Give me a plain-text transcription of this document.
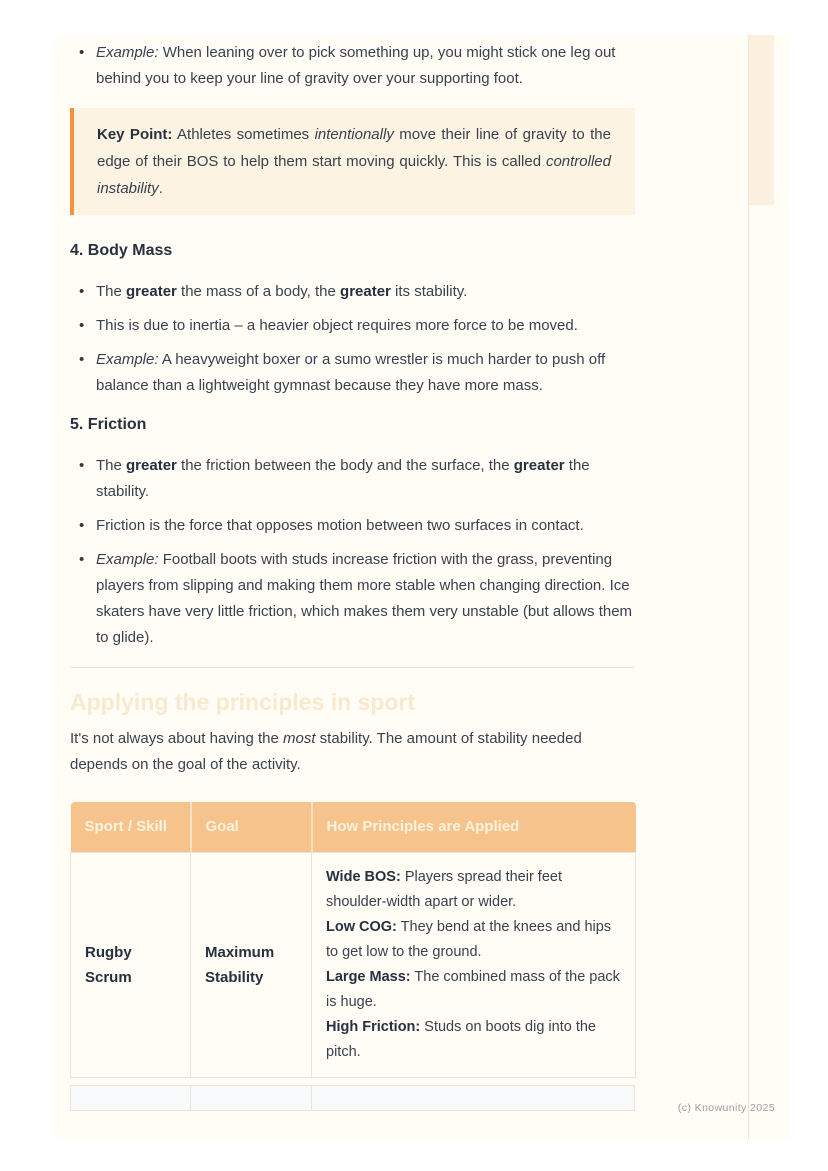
• Example: When leaning over to pick something up, you might stick one leg out behind you to keep your line of gravity over your supporting foot.

Key Point: Athletes sometimes intentionally move their line of gravity to the edge of their BOS to help them start moving quickly. This is called controlled instability.

4. Body Mass
• The greater the mass of a body, the greater its stability.
• This is due to inertia – a heavier object requires more force to be moved.
• Example: A heavyweight boxer or a sumo wrestler is much harder to push off balance than a lightweight gymnast because they have more mass.
5. Friction
• The greater the friction between the body and the surface, the greater the stability.
• Friction is the force that opposes motion between two surfaces in contact.
• Example: Football boots with studs increase friction with the grass, preventing players from slipping and making them more stable when changing direction. Ice skaters have very little friction, which makes them very unstable (but allows them to glide).
Applying the principles in sport

It's not always about having the most stability. The amount of stability needed depends on the goal of the activity.

Sport / Skill	Goal	How Principles are Applied

Rugby Scrum	Maximum Stability	Wide BOS: Players spread their feet shoulder-width apart or wider.
Low COG: They bend at the knees and hips to get low to the ground.
Large Mass: The combined mass of the pack is huge.
High Friction: Studs on boots dig into the pitch.
(c) Knowunity 2025
